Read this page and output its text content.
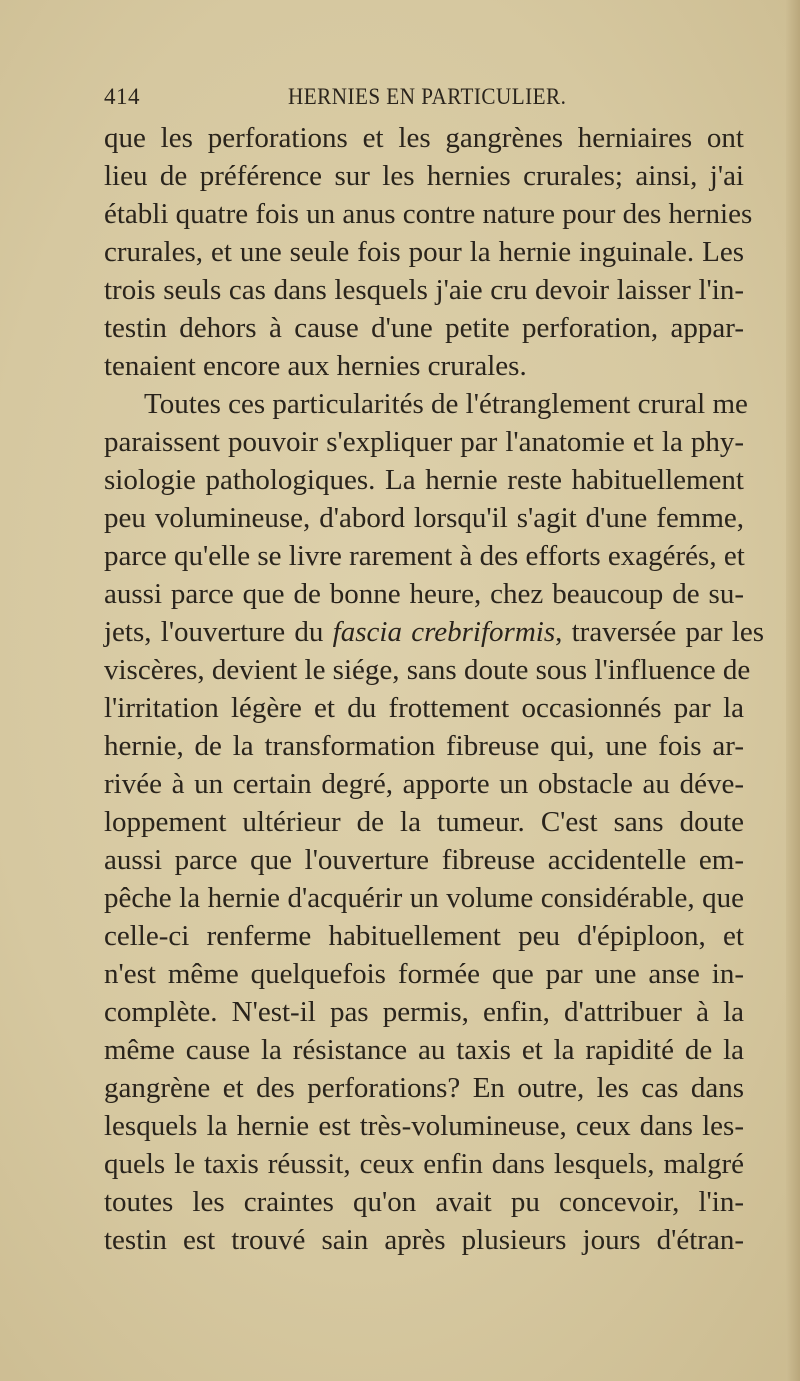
414	HERNIES EN PARTICULIER.
que les perforations et les gangrènes herniaires ont
lieu de préférence sur les hernies crurales; ainsi, j'ai
établi quatre fois un anus contre nature pour des hernies
crurales, et une seule fois pour la hernie inguinale. Les
trois seuls cas dans lesquels j'aie cru devoir laisser l'in-
testin dehors à cause d'une petite perforation, appar-
tenaient encore aux hernies crurales.
Toutes ces particularités de l'étranglement crural me
paraissent pouvoir s'expliquer par l'anatomie et la phy-
siologie pathologiques. La hernie reste habituellement
peu volumineuse, d'abord lorsqu'il s'agit d'une femme,
parce qu'elle se livre rarement à des efforts exagérés, et
aussi parce que de bonne heure, chez beaucoup de su-
jets, l'ouverture du fascia crebriformis, traversée par les
viscères, devient le siége, sans doute sous l'influence de
l'irritation légère et du frottement occasionnés par la
hernie, de la transformation fibreuse qui, une fois ar-
rivée à un certain degré, apporte un obstacle au déve-
loppement ultérieur de la tumeur. C'est sans doute
aussi parce que l'ouverture fibreuse accidentelle em-
pêche la hernie d'acquérir un volume considérable, que
celle-ci renferme habituellement peu d'épiploon, et
n'est même quelquefois formée que par une anse in-
complète. N'est-il pas permis, enfin, d'attribuer à la
même cause la résistance au taxis et la rapidité de la
gangrène et des perforations? En outre, les cas dans
lesquels la hernie est très-volumineuse, ceux dans les-
quels le taxis réussit, ceux enfin dans lesquels, malgré
toutes les craintes qu'on avait pu concevoir, l'in-
testin est trouvé sain après plusieurs jours d'étran-
